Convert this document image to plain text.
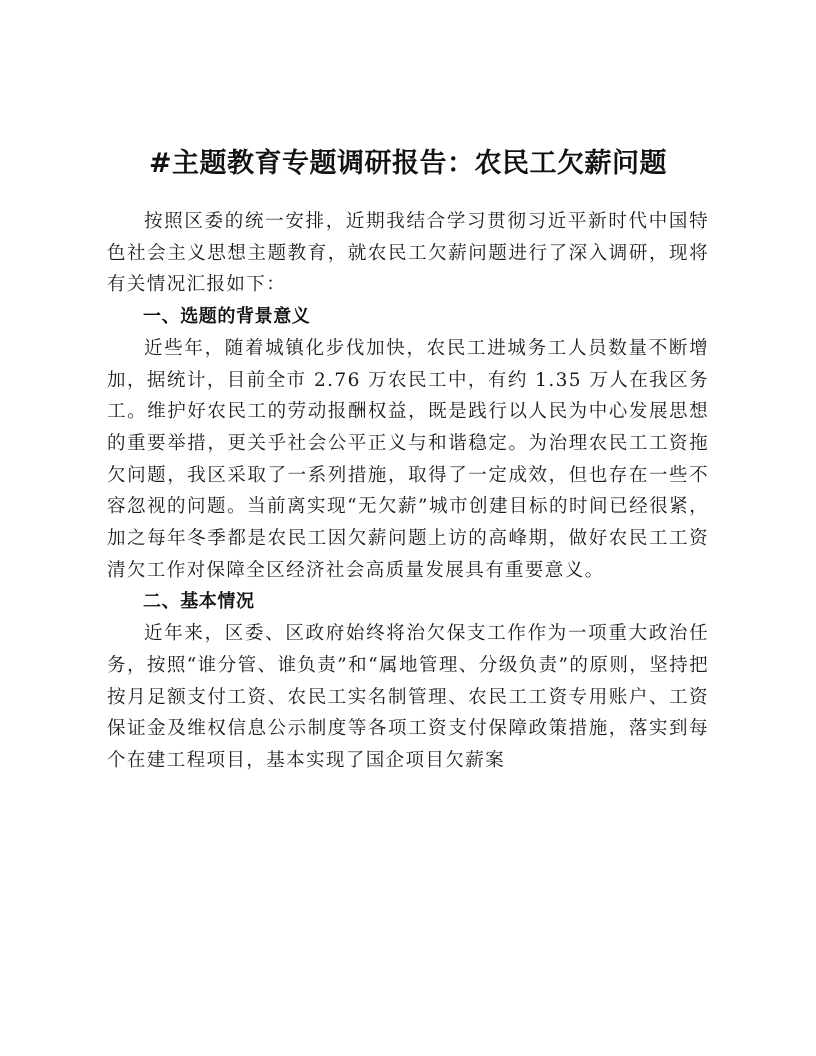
#主题教育专题调研报告：农民工欠薪问题

按照区委的统一安排，近期我结合学习贯彻习近平新时代中国特色社会主义思想主题教育，就农民工欠薪问题进行了深入调研，现将有关情况汇报如下：

一、选题的背景意义

近些年，随着城镇化步伐加快，农民工进城务工人员数量不断增加，据统计，目前全市 2.76 万农民工中，有约 1.35 万人在我区务工。维护好农民工的劳动报酬权益，既是践行以人民为中心发展思想的重要举措，更关乎社会公平正义与和谐稳定。为治理农民工工资拖欠问题，我区采取了一系列措施，取得了一定成效，但也存在一些不容忽视的问题。当前离实现“无欠薪”城市创建目标的时间已经很紧，加之每年冬季都是农民工因欠薪问题上访的高峰期，做好农民工工资清欠工作对保障全区经济社会高质量发展具有重要意义。

二、基本情况

近年来，区委、区政府始终将治欠保支工作作为一项重大政治任务，按照“谁分管、谁负责”和“属地管理、分级负责”的原则，坚持把按月足额支付工资、农民工实名制管理、农民工工资专用账户、工资保证金及维权信息公示制度等各项工资支付保障政策措施，落实到每个在建工程项目，基本实现了国企项目欠薪案
